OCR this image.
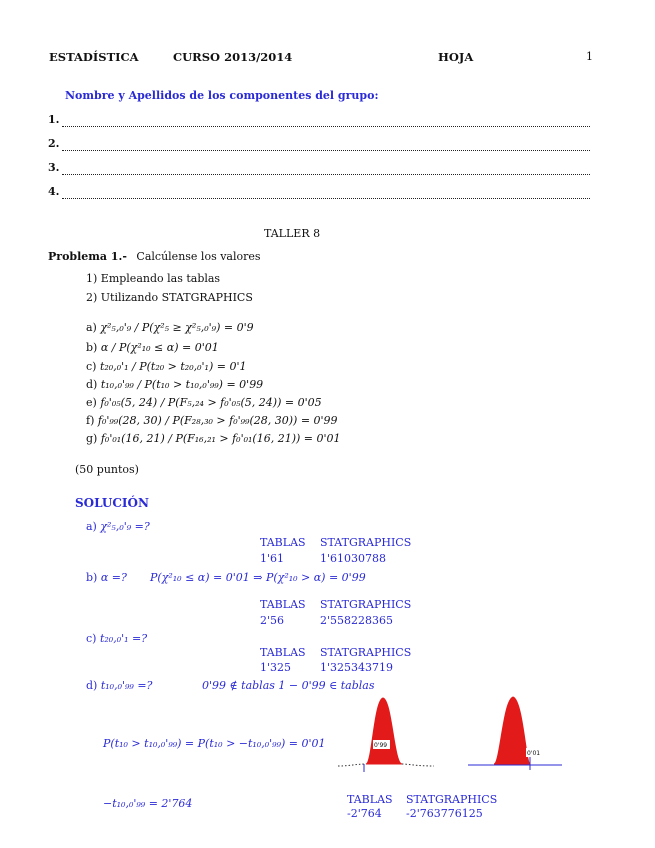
ESTADÍSTICA	CURSO 2013/2014	HOJA	1
Nombre y Apellidos de los componentes del grupo:
1.
2.
3.
4.
TALLER 8
Problema 1.- Calcúlense los valores
1) Empleando las tablas
2) Utilizando STATGRAPHICS
a) χ²₅,₀'₉ / P(χ²₅ ≥ χ²₅,₀'₉) = 0'9
b) α / P(χ²₁₀ ≤ α) = 0'01
c) t₂₀,₀'₁ / P(t₂₀ > t₂₀,₀'₁) = 0'1
d) t₁₀,₀'₉₉ / P(t₁₀ > t₁₀,₀'₉₉) = 0'99
e) f₀'₀₅(5, 24) / P(F₅,₂₄ > f₀'₀₅(5, 24)) = 0'05
f) f₀'₉₉(28, 30) / P(F₂₈,₃₀ > f₀'₉₉(28, 30)) = 0'99
g) f₀'₀₁(16, 21) / P(F₁₆,₂₁ > f₀'₀₁(16, 21)) = 0'01
(50 puntos)
SOLUCIÓN
a) χ²₅,₀'₉ =?
TABLAS STATGRAPHICS
1'61	1'61030788
b) α =? P(χ²₁₀ ≤ α) = 0'01 ⇒ P(χ²₁₀ > α) = 0'99
TABLAS STATGRAPHICS
2'56	2'558228365
c) t₂₀,₀'₁ =?
TABLAS STATGRAPHICS
1'325	1'325343719
d) t₁₀,₀'₉₉ =?	0'99 ∉ tablas 1 − 0'99 ∈ tablas
P(t₁₀ > t₁₀,₀'₉₉) = P(t₁₀ > −t₁₀,₀'₉₉) = 0'01
−t₁₀,₀'₉₉ = 2'764	TABLAS STATGRAPHICS
-2'764 -2'763776125
0'99
0'01
